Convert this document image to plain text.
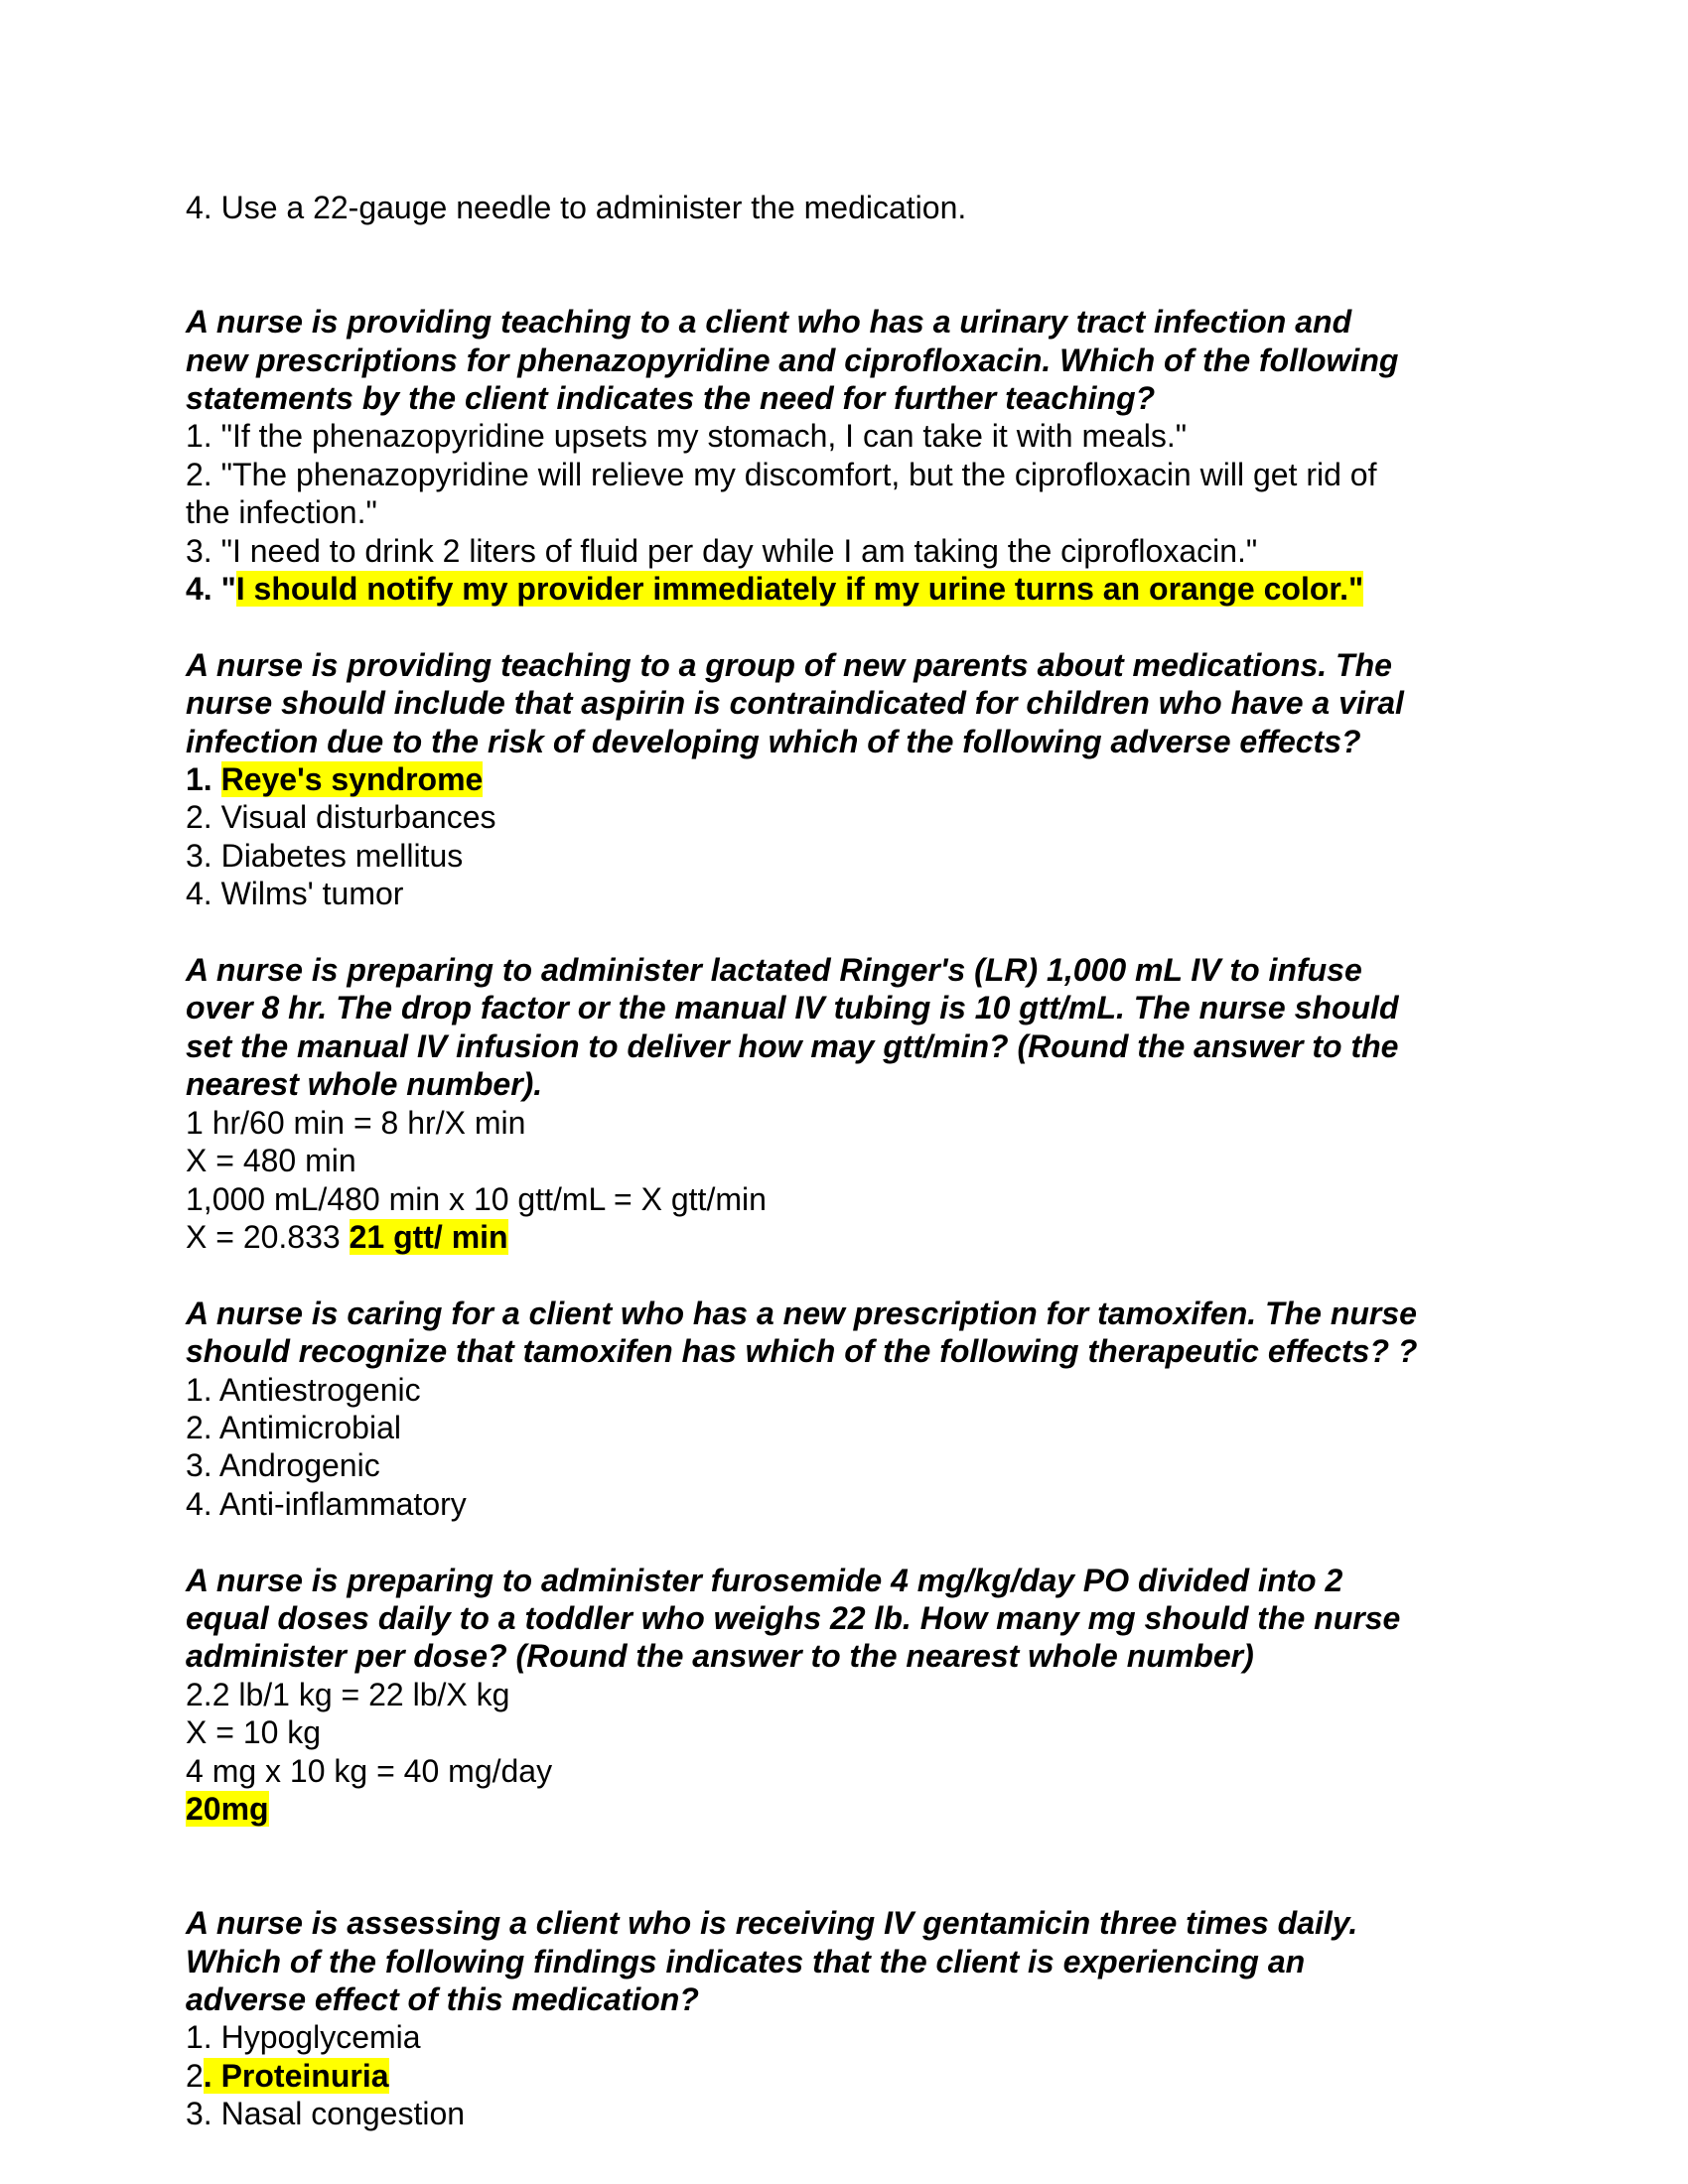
4. Use a 22-gauge needle to administer the medication.
A nurse is providing teaching to a client who has a urinary tract infection and
new prescriptions for phenazopyridine and ciprofloxacin. Which of the following
statements by the client indicates the need for further teaching?
1. "If the phenazopyridine upsets my stomach, I can take it with meals."
2. "The phenazopyridine will relieve my discomfort, but the ciprofloxacin will get rid of
the infection."
3. "I need to drink 2 liters of fluid per day while I am taking the ciprofloxacin."
4. "I should notify my provider immediately if my urine turns an orange color."
A nurse is providing teaching to a group of new parents about medications. The
nurse should include that aspirin is contraindicated for children who have a viral
infection due to the risk of developing which of the following adverse effects?
1. Reye's syndrome
2. Visual disturbances
3. Diabetes mellitus
4. Wilms' tumor
A nurse is preparing to administer lactated Ringer's (LR) 1,000 mL IV to infuse
over 8 hr. The drop factor or the manual IV tubing is 10 gtt/mL. The nurse should
set the manual IV infusion to deliver how may gtt/min? (Round the answer to the
nearest whole number).
1 hr/60 min = 8 hr/X min
X = 480 min
1,000 mL/480 min x 10 gtt/mL = X gtt/min
X = 20.833 21 gtt/ min
A nurse is caring for a client who has a new prescription for tamoxifen. The nurse
should recognize that tamoxifen has which of the following therapeutic effects? ?
1. Antiestrogenic
2. Antimicrobial
3. Androgenic
4. Anti-inflammatory
A nurse is preparing to administer furosemide 4 mg/kg/day PO divided into 2
equal doses daily to a toddler who weighs 22 lb. How many mg should the nurse
administer per dose? (Round the answer to the nearest whole number)
2.2 lb/1 kg = 22 lb/X kg
X = 10 kg
4 mg x 10 kg = 40 mg/day
20mg
A nurse is assessing a client who is receiving IV gentamicin three times daily.
Which of the following findings indicates that the client is experiencing an
adverse effect of this medication?
1. Hypoglycemia
2. Proteinuria
3. Nasal congestion
